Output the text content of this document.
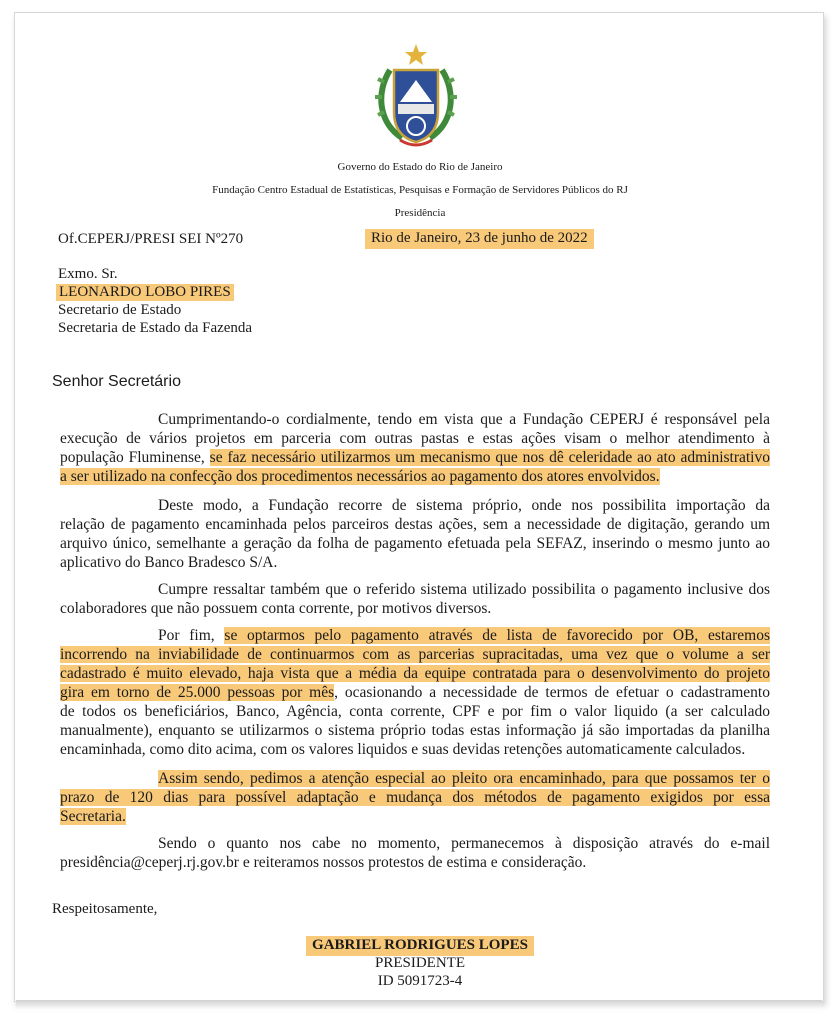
Governo do Estado do Rio de Janeiro
Fundação Centro Estadual de Estatísticas, Pesquisas e Formação de Servidores Públicos do RJ
Presidência
Of.CEPERJ/PRESI SEI Nº270	Rio de Janeiro, 23 de junho de 2022
Exmo. Sr.
LEONARDO LOBO PIRES
Secretario de Estado
Secretaria de Estado da Fazenda
Senhor Secretário
Cumprimentando-o cordialmente, tendo em vista que a Fundação CEPERJ é responsável pela
execução de vários projetos em parceria com outras pastas e estas ações visam o melhor atendimento à
população Fluminense, se faz necessário utilizarmos um mecanismo que nos dê celeridade ao ato administrativo
a ser utilizado na confecção dos procedimentos necessários ao pagamento dos atores envolvidos.
Deste modo, a Fundação recorre de sistema próprio, onde nos possibilita importação da
relação de pagamento encaminhada pelos parceiros destas ações, sem a necessidade de digitação, gerando um
arquivo único, semelhante a geração da folha de pagamento efetuada pela SEFAZ, inserindo o mesmo junto ao
aplicativo do Banco Bradesco S/A.
Cumpre ressaltar também que o referido sistema utilizado possibilita o pagamento inclusive dos
colaboradores que não possuem conta corrente, por motivos diversos.
Por fim, se optarmos pelo pagamento através de lista de favorecido por OB, estaremos
incorrendo na inviabilidade de continuarmos com as parcerias supracitadas, uma vez que o volume a ser
cadastrado é muito elevado, haja vista que a média da equipe contratada para o desenvolvimento do projeto
gira em torno de 25.000 pessoas por mês, ocasionando a necessidade de termos de efetuar o cadastramento
de todos os beneficiários, Banco, Agência, conta corrente, CPF e por fim o valor liquido (a ser calculado
manualmente), enquanto se utilizarmos o sistema próprio todas estas informação já são importadas da planilha
encaminhada, como dito acima, com os valores liquidos e suas devidas retenções automaticamente calculados.
Assim sendo, pedimos a atenção especial ao pleito ora encaminhado, para que possamos ter o
prazo de 120 dias para possível adaptação e mudança dos métodos de pagamento exigidos por essa
Secretaria.
Sendo o quanto nos cabe no momento, permanecemos à disposição através do e-mail
presidência@ceperj.rj.gov.br e reiteramos nossos protestos de estima e consideração.
Respeitosamente,
GABRIEL RODRIGUES LOPES
PRESIDENTE
ID 5091723-4
